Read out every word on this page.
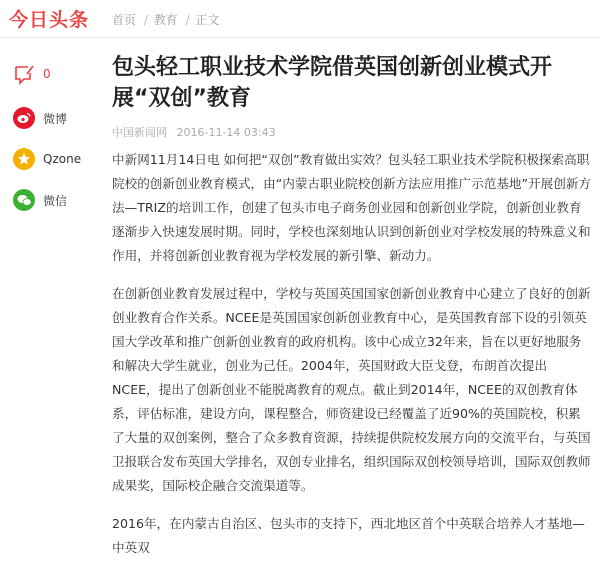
今日头条 首页 / 教育 / 正文
0
微博
Qzone
微信
包头轻工职业技术学院借英国创新创业模式开展“双创”教育
中国新闻网 2016-11-14 03:43

中新网11月14日电 如何把“双创”教育做出实效？包头轻工职业技术学院积极探索高职院校的创新创业教育模式，由“内蒙古职业院校创新方法应用推广示范基地”开展创新方法—TRIZ的培训工作，创建了包头市电子商务创业园和创新创业学院，创新创业教育逐渐步入快速发展时期。同时，学校也深刻地认识到创新创业对学校发展的特殊意义和作用，并将创新创业教育视为学校发展的新引擎、新动力。

在创新创业教育发展过程中，学校与英国英国国家创新创业教育中心建立了良好的创新创业教育合作关系。NCEE是英国国家创新创业教育中心，是英国教育部下设的引领英国大学改革和推广创新创业教育的政府机构。该中心成立32年来，旨在以更好地服务和解决大学生就业，创业为己任。2004年，英国财政大臣戈登，布朗首次提出NCEE，提出了创新创业不能脱离教育的观点。截止到2014年，NCEE的双创教育体系，评估标准，建设方向，课程整合，师资建设已经覆盖了近90%的英国院校，积累了大量的双创案例，整合了众多教育资源，持续提供院校发展方向的交流平台，与英国卫报联合发布英国大学排名，双创专业排名，组织国际双创校领导培训，国际双创教师成果奖，国际校企融合交流渠道等。

2016年，在内蒙古自治区、包头市的支持下，西北地区首个中英联合培养人才基地—中英双
